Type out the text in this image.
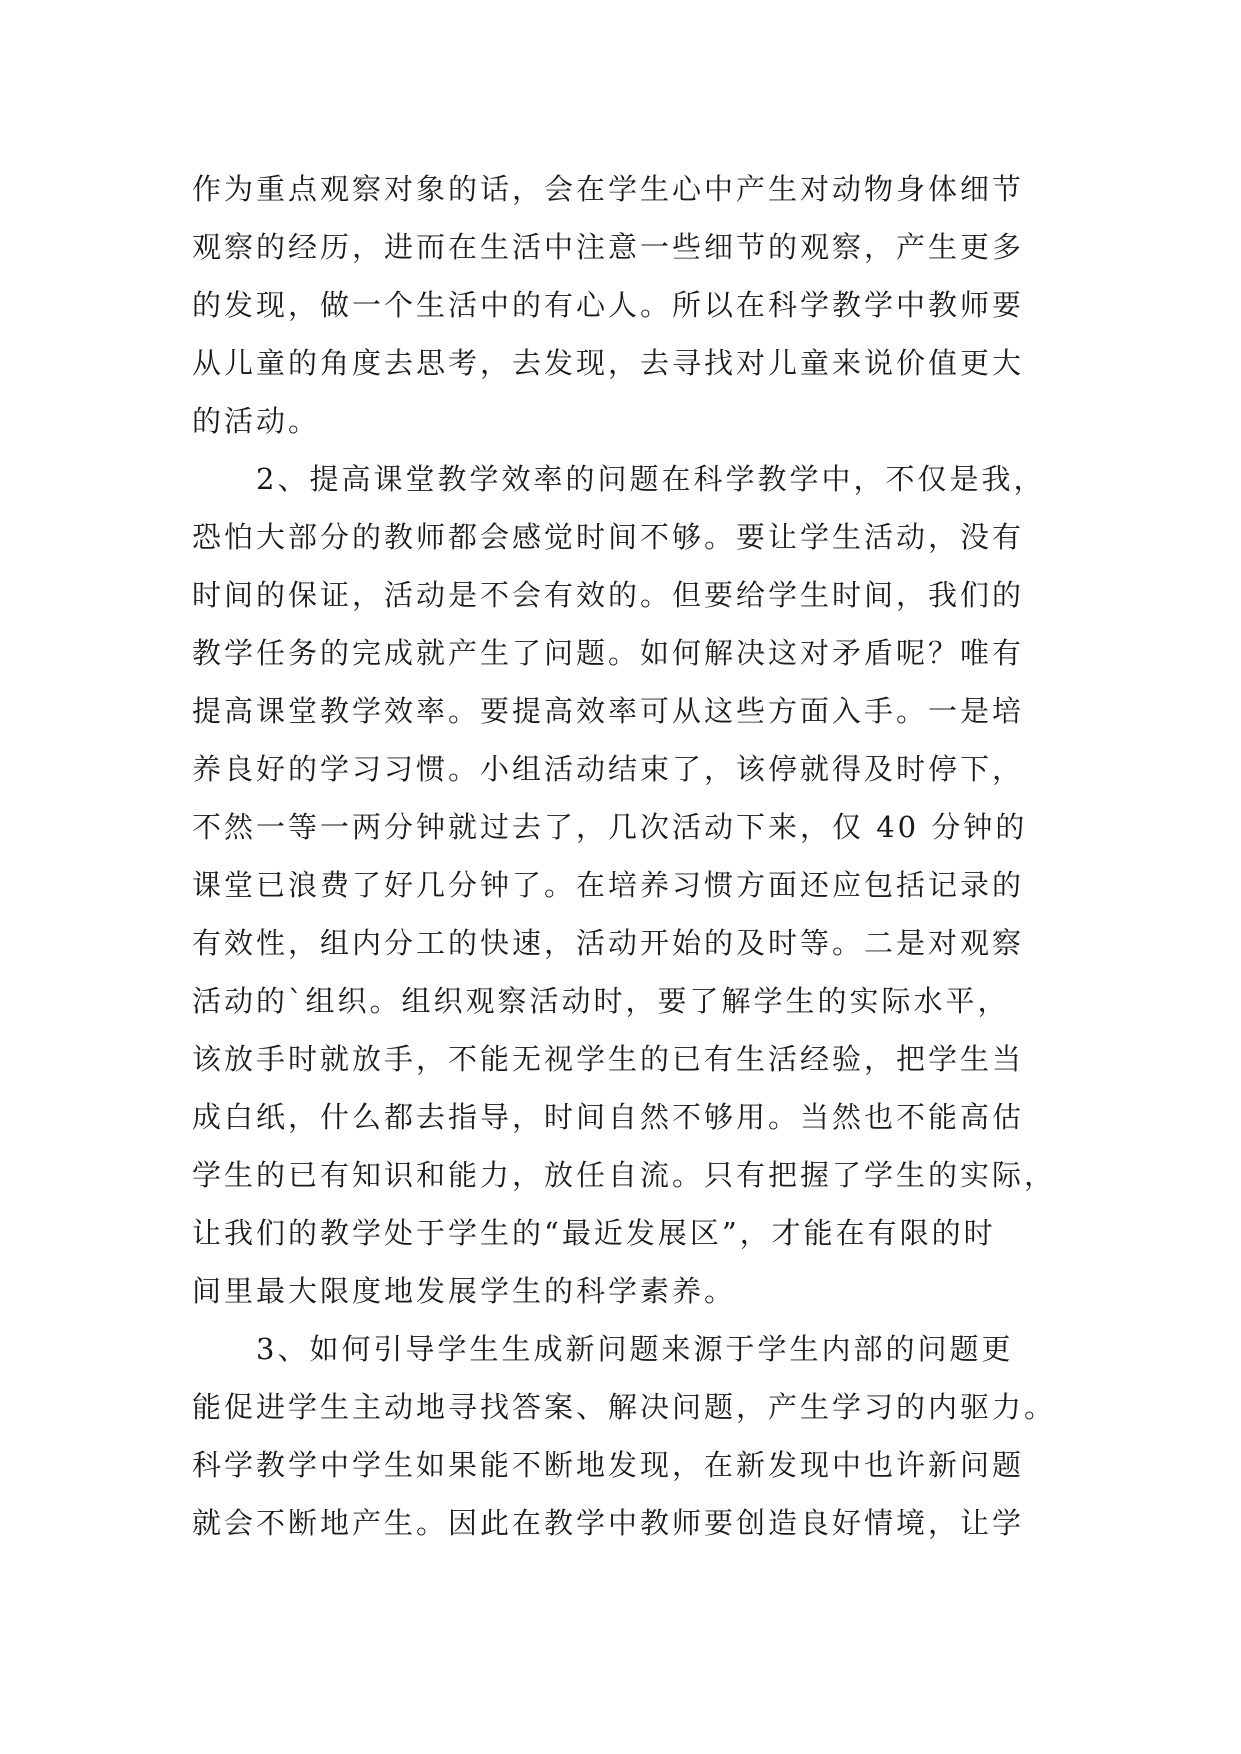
作为重点观察对象的话，会在学生心中产生对动物身体细节
观察的经历，进而在生活中注意一些细节的观察，产生更多
的发现，做一个生活中的有心人。所以在科学教学中教师要
从儿童的角度去思考，去发现，去寻找对儿童来说价值更大
的活动。
　　2、提高课堂教学效率的问题在科学教学中，不仅是我，
恐怕大部分的教师都会感觉时间不够。要让学生活动，没有
时间的保证，活动是不会有效的。但要给学生时间，我们的
教学任务的完成就产生了问题。如何解决这对矛盾呢？唯有
提高课堂教学效率。要提高效率可从这些方面入手。一是培
养良好的学习习惯。小组活动结束了，该停就得及时停下，
不然一等一两分钟就过去了，几次活动下来，仅 40 分钟的
课堂已浪费了好几分钟了。在培养习惯方面还应包括记录的
有效性，组内分工的快速，活动开始的及时等。二是对观察
活动的`组织。组织观察活动时，要了解学生的实际水平，
该放手时就放手，不能无视学生的已有生活经验，把学生当
成白纸，什么都去指导，时间自然不够用。当然也不能高估
学生的已有知识和能力，放任自流。只有把握了学生的实际，
让我们的教学处于学生的“最近发展区”，才能在有限的时
间里最大限度地发展学生的科学素养。
　　3、如何引导学生生成新问题来源于学生内部的问题更
能促进学生主动地寻找答案、解决问题，产生学习的内驱力。
科学教学中学生如果能不断地发现，在新发现中也许新问题
就会不断地产生。因此在教学中教师要创造良好情境，让学
